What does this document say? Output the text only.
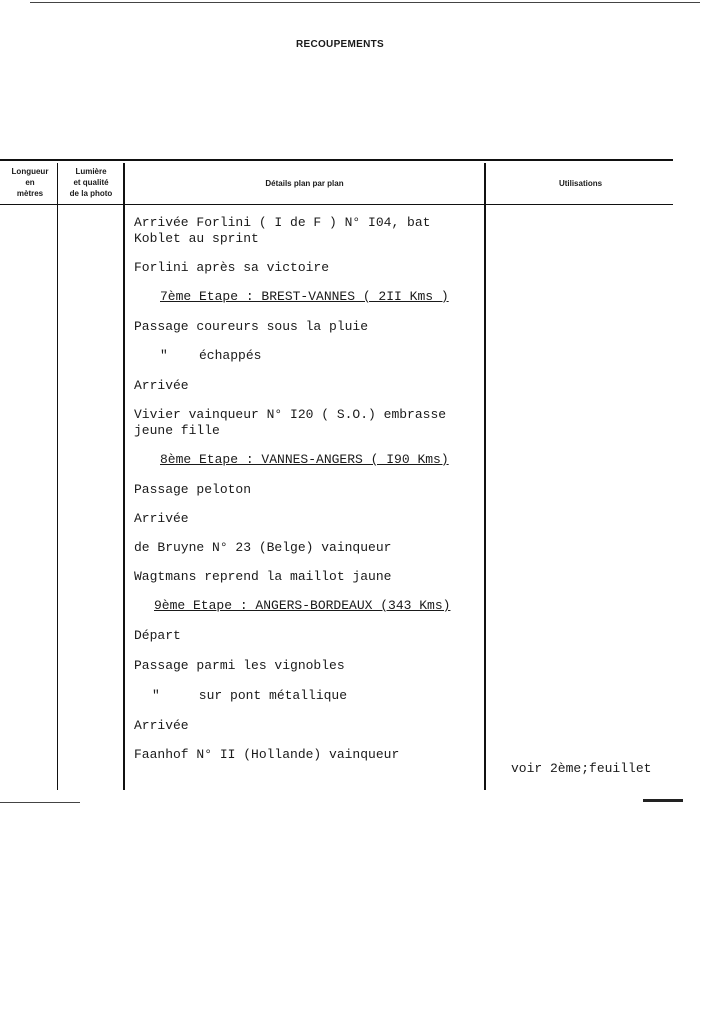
RECOUPEMENTS
Longueur
en
mètres
Lumière
et qualité
de la photo
Détails plan par plan	Utilisations
Arrivée Forlini ( I de F ) N° I04, bat
Koblet au sprint
Forlini après sa victoire
7ème Etape : BREST-VANNES ( 2II Kms )
Passage coureurs sous la pluie
"    échappés
Arrivée
Vivier vainqueur N° I20 ( S.O.) embrasse
jeune fille
8ème Etape : VANNES-ANGERS ( I90 Kms)
Passage peloton
Arrivée
de Bruyne N° 23 (Belge) vainqueur
Wagtmans reprend la maillot jaune
9ème Etape : ANGERS-BORDEAUX (343 Kms)
Départ
Passage parmi les vignobles
"     sur pont métallique
Arrivée
Faanhof N° II (Hollande) vainqueur
voir 2ème;feuillet
